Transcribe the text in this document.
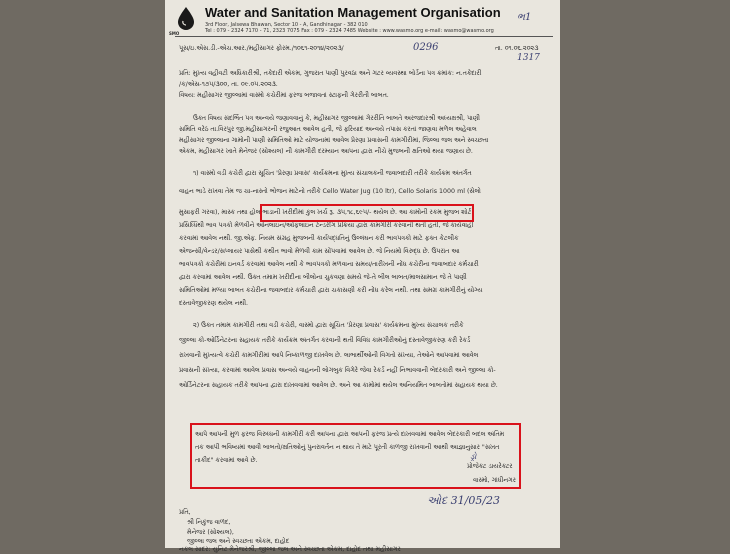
SMO
Water and Sanitation Management Organisation
3rd Floor, Jalsewa Bhawan, Sector 10 - A, Gandhinagar - 382 010
Tel : 079 - 2324 7170 - 71, 2323 7075 Fax : 079 - 2324 7485 Website : www.wasmo.org e-mail: wasmo@wasmo.org
ભ1
પૂસ/ઇ.એસ.ડી.-એચ.આર./મહીસાગર ફોરમ./૧૦૬૧-૨૦૧૪/૨૦૨૩/	0296	તા. ૦૧.૦૬.૨૦૨૩
1317
પ્રતિ: મુખ્ય વહીવટી અધિકારીશ્રી, તકેદારી એકમ, ગુજરાત પાણી પુરવઠા અને ગટર વ્યવસ્થા બોર્ડના પત્ર ક્રમાંક: ન.તકેદારી
/ક/એસ-૧૭૫/૩૦૦, તા. ૦૯.૦૫.૨૦૨૩.
વિષય: મહીસાગર જીલ્લામાં વાસ્મો કચેરીમાં ફરજ બજાવતાં સ્ટાફની ગેરરીતી બાબત.
ઉક્ત વિષય સંદર્ભિત પત્ર અન્વયે જણાવવાનું કે, મહીસાગર જીલ્લામાં ગેરરીતિ બાબતે અરજદારશ્રી અધ્યક્ષશ્રી, પાણી
સમિતિ વરેઠ તા.વિરપુર જી.મહીસાગરની રજુઆત આવેલ હતી, જે ફરિયાદ અન્વયે તપાસ કરતાં જાણવા મળેલ અહેવાલ
મહીસાગર જીલ્લાના ગામોની પાણી સમિતિઓ માટે યોજનામાં આવેલ પ્રેરણા પ્રવાસની કામગીરીમાં, જિલ્લા જલ અને સ્વચ્છતા
એકમ, મહીસાગર ખાતે મેનેજર (સોશ્યલ) ની કામગીરી દરમ્યાન આપના દ્વારા નીચે મુજબની ક્ષતિઓ થયા જણાય છે.
૧) વાસ્મો વડી કચેરી દ્વારા સૂચિત 'પ્રેરણા પ્રવાસ' કાર્યક્રમના મુખ્ય સંચાલકની જવાબદારી તરીકે કાર્યક્રમ અંતર્ગત
વાહન ભાડે રાખવા તેમ જ ચા-નાસ્તો ભોજન માટેનો તરીકે Cello Water Jug (10 ltr), Cello Solaris 1000 ml (સેલો
મુસાફરી ગરવા), માસ્ક તથા હોલ ભાડાની ખરીદીમાં કુલ ખર્ચ રૂ. ૩૫,૧૮,૬૯૫/- થયેલ છે. આ કામોની રકમ મુજબ શોર્ટ
પ્રસિધ્ધિથી ભાવ પત્રકો મેળવીને ઓનલાઇન/ઓફલાઇન ટેન્ડરીંગ પ્રક્રિયા દ્વારા કામગીરી કરવાની થતી હતી, જે કાર્યવાહી
કરવામાં આવેલ નથી. જી.એફ. નિયમ સંગ્રહ મુજબની કાર્યપદ્ધતિનું ઉલ્લંઘન કરી ભાવપત્રકો માટે ફક્ત કેટલીક
એજન્સી/વેન્ડર/સપ્લાયર પાસેથી કથીત ભાવો મેળવી કામ સોંપવામાં આવેલ છે. જે નિયમો વિરુદ્ધ છે. ઉપરાંત આ
ભાવપત્રકો કચેરીમાં ઇનવર્ડ કરવામાં આવેલ નથી કે ભાવપત્રકો મળવાના સમય/તારીખની નોંધ કચેરીના જવાબદાર કર્મચારી
દ્વારા કરવામાં આવેલ નથી. ઉક્ત તમામ ખરીદીના બીલોના ચુકવણા સમયે જે-તે બીલ બાબત/માલસામાન જે તે પાણી
સમિતિઓમાં મળ્યા બાબત કચેરીના જવાબદાર કર્મચારી દ્વારા ચકાસણી કરી નોંધ કરેલ નથી. તથા સમગ્ર કામગીરીનું યોગ્ય
દસ્તાવેજીકરણ થયેલ નથી.
૨) ઉક્ત તમામ કામગીરી તથા વડી કચેરી, વાસ્મો દ્વારા સૂચિત 'પ્રેરણા પ્રવાસ' કાર્યક્રમના મુખ્ય સંચાલક તરીકે
જીલ્લા કો-ઓર્ડિનેટરના સહાયક તરીકે કાર્યક્રમ અંતર્ગત કરવાની થતી વિવિધ કામગીરીઓનું દસ્તાવેજીકરણ કરી રેકર્ડ
રાખવાની મુખ્યત્વે કચેરી કામગીરીમાં આપે નિષ્કાળજી દાખવેલ છે. લાભાર્થીઓની વિગતો સંખ્યા, તેઓને આપવામાં આવેલ
પ્રવાસની સંખ્યા, કરવામાં આવેલ પ્રવાસ અન્વયે વાહનની લોગબુક વિગેરે જેવા રેકર્ડ નહીં નિભાવવાની બેદરકારી અને જીલ્લા કો-
ઓર્ડિનેટરના સહાયક તરીકે આપના દ્વારા દાખવવામાં આવેલ છે. અને આ કામોમાં થયેલ અનિયમિત બાબતોમાં સહાયક થયા છે.
આપે આપની મુળ ફરજ વિરુધ્ધની કામગીરી કરી આપના દ્વારા આપની ફરજ પ્રત્યે દાખવવામાં આવેલ બેદરકારી બદલ અંતિમ
તક આપી ભવિષ્યમાં આવી બાબતો/ક્ષતિઓનું પુનરાવર્તન ન થાય તે માટે પૂરતી કાળજી રાખવાની આથી આજ્ઞાનુસાર "સખત
તાકીદ" કરવામાં આવે છે.	ડ્રો
પ્રોજેક્ટ ડાયરેક્ટર
વાસ્મો, ગાંધીનગર
ઓદ 31/05/23
પ્રતિ,
શ્રી નિકુંજ વાળંદ,
મેનેજર (સોશ્યલ),
જીલ્લા જલ અને સ્વચ્છતા એકમ, દાહોદ
નકલ સાદર: યુનિટ મેનેજરશ્રી, જીલ્લા જલ અને સ્વચ્છતા એકમ, દાહોદ તથા મહીસાગર
